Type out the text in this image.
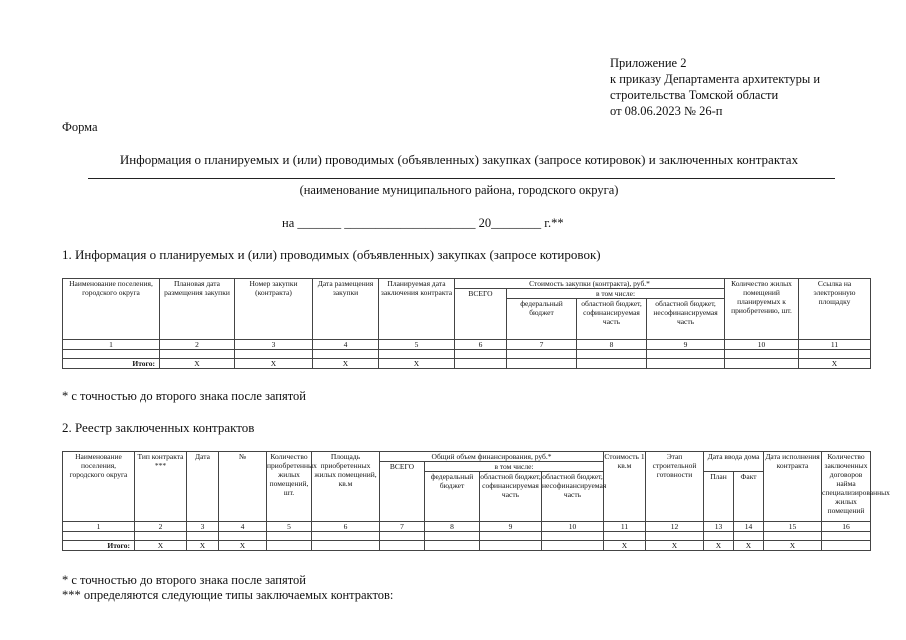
Приложение 2
к приказу Департамента архитектуры и
строительства Томской области
от 08.06.2023 № 26-п
Форма
Информация о планируемых и (или) проводимых (объявленных) закупках (запросе котировок) и заключенных контрактах
(наименование муниципального района, городского округа)
на _______ _____________________ 20________ г.**
1. Информация о планируемых и (или) проводимых (объявленных) закупках (запросе котировок)
Наименование поселения, городского округа	Плановая дата размещения закупки	Номер закупки (контракта)	Дата размещения закупки	Планируемая дата заключения контракта	Стоимость закупки (контракта), руб.*				Количество жилых помещений планируемых к приобретению, шт.	Ссылка на электронную площадку
					ВСЕГО	в том числе:				
						федеральный бюджет	областной бюджет, софинансируемая часть	областной бюджет, несофинансируемая часть		
1	2	3	4	5	6	7	8	9	10	11

Итого:	X	X	X	X						X
* с точностью до второго знака после запятой
2. Реестр заключенных контрактов
Наименование поселения, городского округа	Тип контракта ***	Дата	№	Количество приобретенных жилых помещений, шт.	Площадь приобретенных жилых помещений, кв.м	Общий объем финансирования, руб.*				Стоимость 1 кв.м	Этап строительной готовности	Дата ввода дома		Дата исполнения контракта	Количество заключенных договоров найма специализированных жилых помещений
						ВСЕГО	в том числе:								
							федеральный бюджет	областной бюджет, софинансируемая часть	областной бюджет, несофинансируемая часть			План	Факт		

1	2	3	4	5	6	7	8	9	10	11	12	13	14	15	16

Итого:	X	X	X							X	X	X	X	X	
* с точностью до второго знака после запятой
*** определяются следующие типы заключаемых контрактов:
